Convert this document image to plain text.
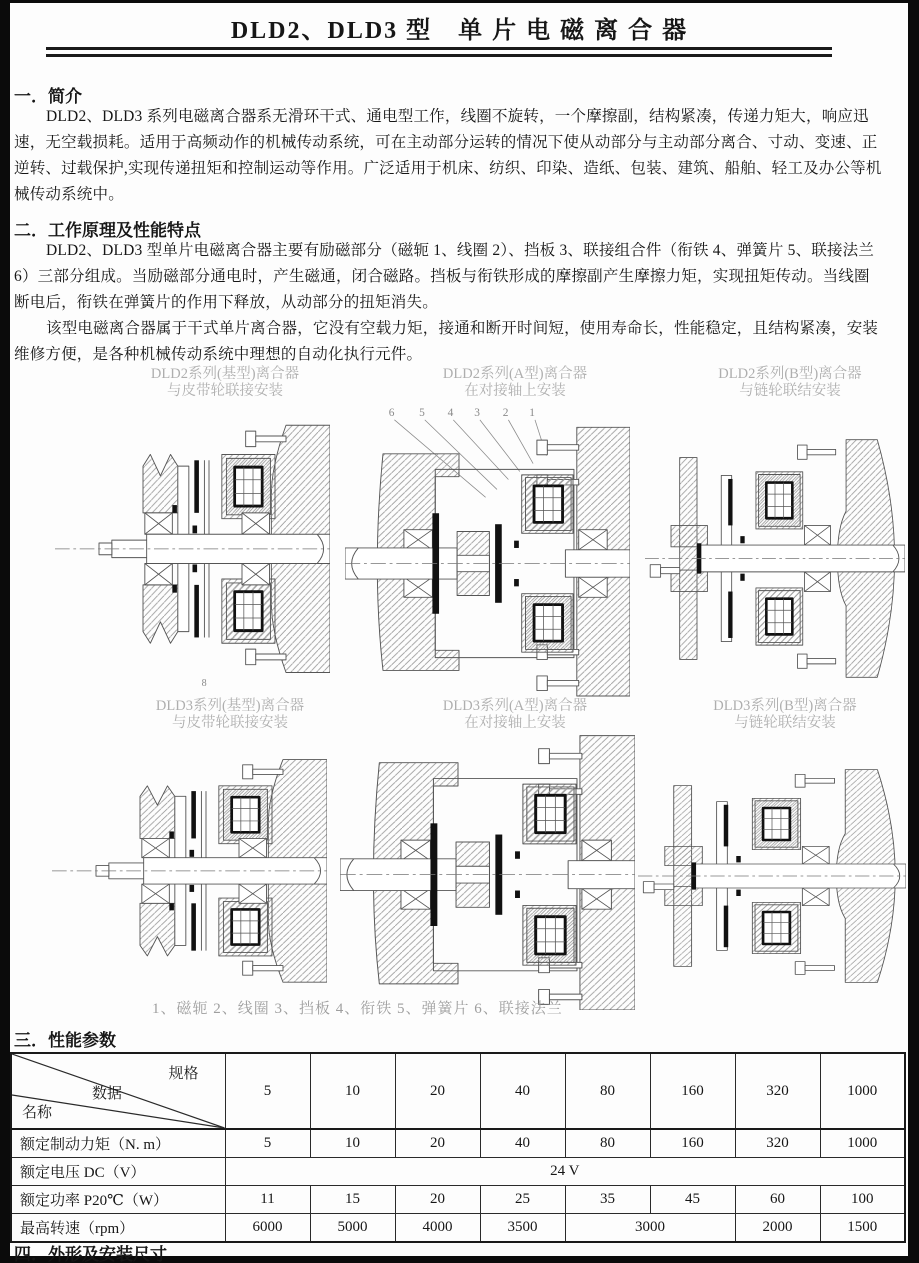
DLD2、DLD3 型　单 片 电 磁 离 合 器
一．简介
DLD2、DLD3 系列电磁离合器系无滑环干式、通电型工作，线圈不旋转，一个摩擦副，结构紧凑，传递力矩大，响应迅
速，无空载损耗。适用于高频动作的机械传动系统，可在主动部分运转的情况下使从动部分与主动部分离合、寸动、变速、正
逆转、过载保护,实现传递扭矩和控制运动等作用。广泛适用于机床、纺织、印染、造纸、包装、建筑、船舶、轻工及办公等机
械传动系统中。
二．工作原理及性能特点
DLD2、DLD3 型单片电磁离合器主要有励磁部分（磁轭 1、线圈 2）、挡板 3、联接组合件（衔铁 4、弹簧片 5、联接法兰
6）三部分组成。当励磁部分通电时，产生磁通，闭合磁路。挡板与衔铁形成的摩擦副产生摩擦力矩，实现扭矩传动。当线圈
断电后，衔铁在弹簧片的作用下释放，从动部分的扭矩消失。
该型电磁离合器属于干式单片离合器，它没有空载力矩，接通和断开时间短，使用寿命长，性能稳定，且结构紧凑，安装
维修方便，是各种机械传动系统中理想的自动化执行元件。
DLD2系列(基型)离合器
与皮带轮联接安装
DLD2系列(A型)离合器
在对接轴上安装
DLD2系列(B型)离合器
与链轮联结安装
DLD3系列(基型)离合器
与皮带轮联接安装
DLD3系列(A型)离合器
在对接轴上安装
DLD3系列(B型)离合器
与链轮联结安装
8
6 5 4 3 2 1
1、磁轭 2、线圈 3、挡板 4、衔铁 5、弹簧片 6、联接法兰
三．性能参数
规格
数据
名称	5	10	20	40	80	160	320	1000
额定制动力矩（N. m）	5	10	20	40	80	160	320	1000
额定电压 DC（V）	24 V							
额定功率 P20℃（W）	11	15	20	25	35	45	60	100
最高转速（rpm）	6000	5000	4000	3500	3000		2000	1500
四．外形及安装尺寸
